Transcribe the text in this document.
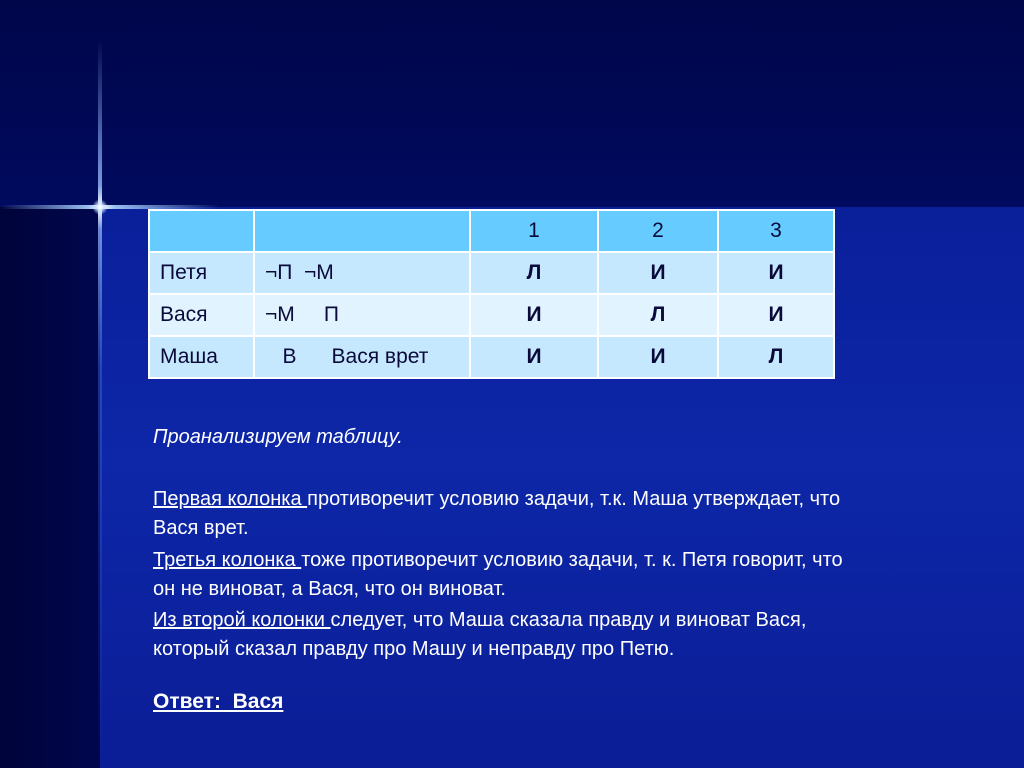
		1	2	3
Петя	¬П  ¬М	Л	И	И
Вася	¬М     П	И	Л	И
Маша	В      Вася врет	И	И	Л
Проанализируем таблицу.
Первая колонка противоречит условию задачи, т.к. Маша утверждает, что
Вася врет.
Третья колонка тоже противоречит условию задачи, т. к. Петя говорит, что
он не виноват, а Вася, что он виноват.
Из второй колонки следует, что Маша сказала правду и виноват Вася,
который сказал правду про Машу и неправду про Петю.
Ответ:  Вася
